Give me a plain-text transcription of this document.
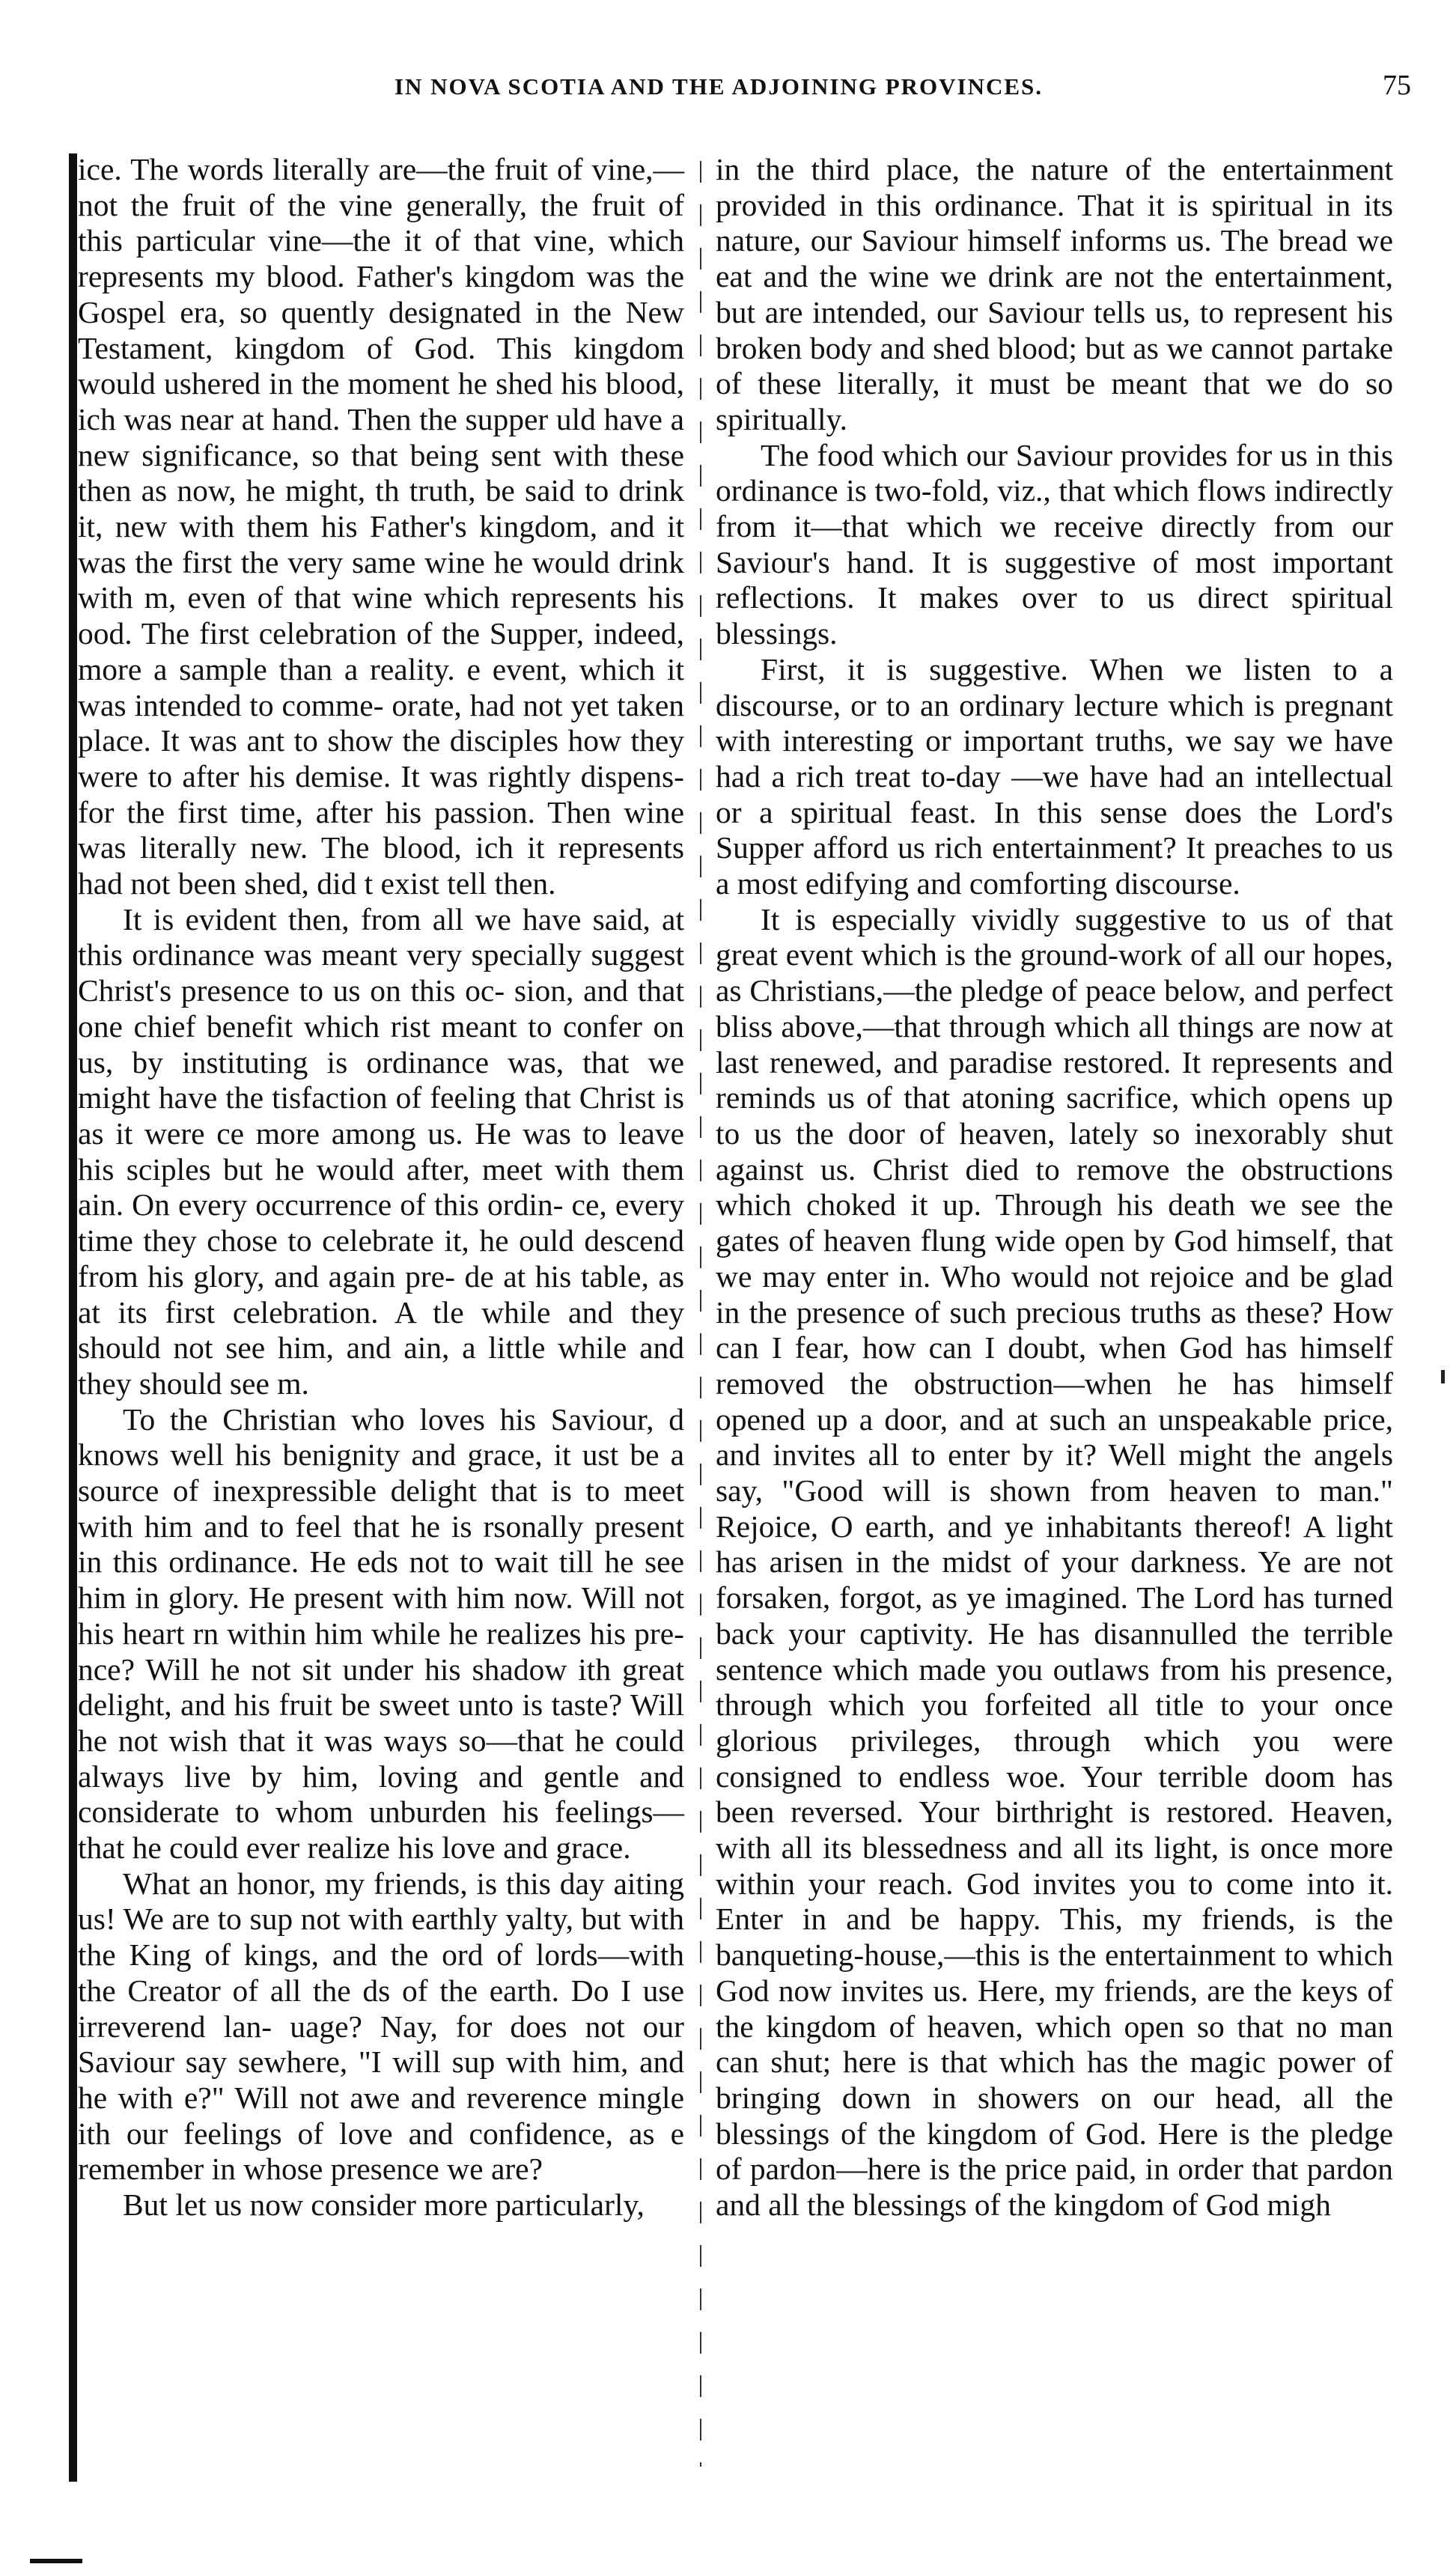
IN NOVA SCOTIA AND THE ADJOINING PROVINCES.	75

ice. The words literally are—the fruit of vine,—not the fruit of the vine generally, the fruit of this particular vine—the it of that vine, which represents my blood. Father's kingdom was the Gospel era, so quently designated in the New Testament, kingdom of God. This kingdom would ushered in the moment he shed his blood, ich was near at hand. Then the supper uld have a new significance, so that being sent with these then as now, he might, th truth, be said to drink it, new with them his Father's kingdom, and it was the first the very same wine he would drink with m, even of that wine which represents his ood. The first celebration of the Supper, indeed, more a sample than a reality. e event, which it was intended to comme- orate, had not yet taken place. It was ant to show the disciples how they were to after his demise. It was rightly dispens- for the first time, after his passion. Then wine was literally new. The blood, ich it represents had not been shed, did t exist tell then.

It is evident then, from all we have said, at this ordinance was meant very specially suggest Christ's presence to us on this oc- sion, and that one chief benefit which rist meant to confer on us, by instituting is ordinance was, that we might have the tisfaction of feeling that Christ is as it were ce more among us. He was to leave his sciples but he would after, meet with them ain. On every occurrence of this ordin- ce, every time they chose to celebrate it, he ould descend from his glory, and again pre- de at his table, as at its first celebration. A tle while and they should not see him, and ain, a little while and they should see m.

To the Christian who loves his Saviour, d knows well his benignity and grace, it ust be a source of inexpressible delight that is to meet with him and to feel that he is rsonally present in this ordinance. He eds not to wait till he see him in glory. He present with him now. Will not his heart rn within him while he realizes his pre- nce? Will he not sit under his shadow ith great delight, and his fruit be sweet unto is taste? Will he not wish that it was ways so—that he could always live by him, loving and gentle and considerate to whom unburden his feelings—that he could ever realize his love and grace.

What an honor, my friends, is this day aiting us! We are to sup not with earthly yalty, but with the King of kings, and the ord of lords—with the Creator of all the ds of the earth. Do I use irreverend lan- uage? Nay, for does not our Saviour say sewhere, "I will sup with him, and he with e?" Will not awe and reverence mingle ith our feelings of love and confidence, as e remember in whose presence we are?

But let us now consider more particularly,

in the third place, the nature of the entertainment provided in this ordinance. That it is spiritual in its nature, our Saviour himself informs us. The bread we eat and the wine we drink are not the entertainment, but are intended, our Saviour tells us, to represent his broken body and shed blood; but as we cannot partake of these literally, it must be meant that we do so spiritually.

The food which our Saviour provides for us in this ordinance is two-fold, viz., that which flows indirectly from it—that which we receive directly from our Saviour's hand. It is suggestive of most important reflections. It makes over to us direct spiritual blessings.

First, it is suggestive. When we listen to a discourse, or to an ordinary lecture which is pregnant with interesting or important truths, we say we have had a rich treat to-day —we have had an intellectual or a spiritual feast. In this sense does the Lord's Supper afford us rich entertainment? It preaches to us a most edifying and comforting discourse.

It is especially vividly suggestive to us of that great event which is the ground-work of all our hopes, as Christians,—the pledge of peace below, and perfect bliss above,—that through which all things are now at last renewed, and paradise restored. It represents and reminds us of that atoning sacrifice, which opens up to us the door of heaven, lately so inexorably shut against us. Christ died to remove the obstructions which choked it up. Through his death we see the gates of heaven flung wide open by God himself, that we may enter in. Who would not rejoice and be glad in the presence of such precious truths as these? How can I fear, how can I doubt, when God has himself removed the obstruction—when he has himself opened up a door, and at such an unspeakable price, and invites all to enter by it? Well might the angels say, "Good will is shown from heaven to man." Rejoice, O earth, and ye inhabitants thereof! A light has arisen in the midst of your darkness. Ye are not forsaken, forgot, as ye imagined. The Lord has turned back your captivity. He has disannulled the terrible sentence which made you outlaws from his presence, through which you forfeited all title to your once glorious privileges, through which you were consigned to endless woe. Your terrible doom has been reversed. Your birthright is restored. Heaven, with all its blessedness and all its light, is once more within your reach. God invites you to come into it. Enter in and be happy. This, my friends, is the banqueting-house,—this is the entertainment to which God now invites us. Here, my friends, are the keys of the kingdom of heaven, which open so that no man can shut; here is that which has the magic power of bringing down in showers on our head, all the blessings of the kingdom of God. Here is the pledge of pardon—here is the price paid, in order that pardon and all the blessings of the kingdom of God migh
